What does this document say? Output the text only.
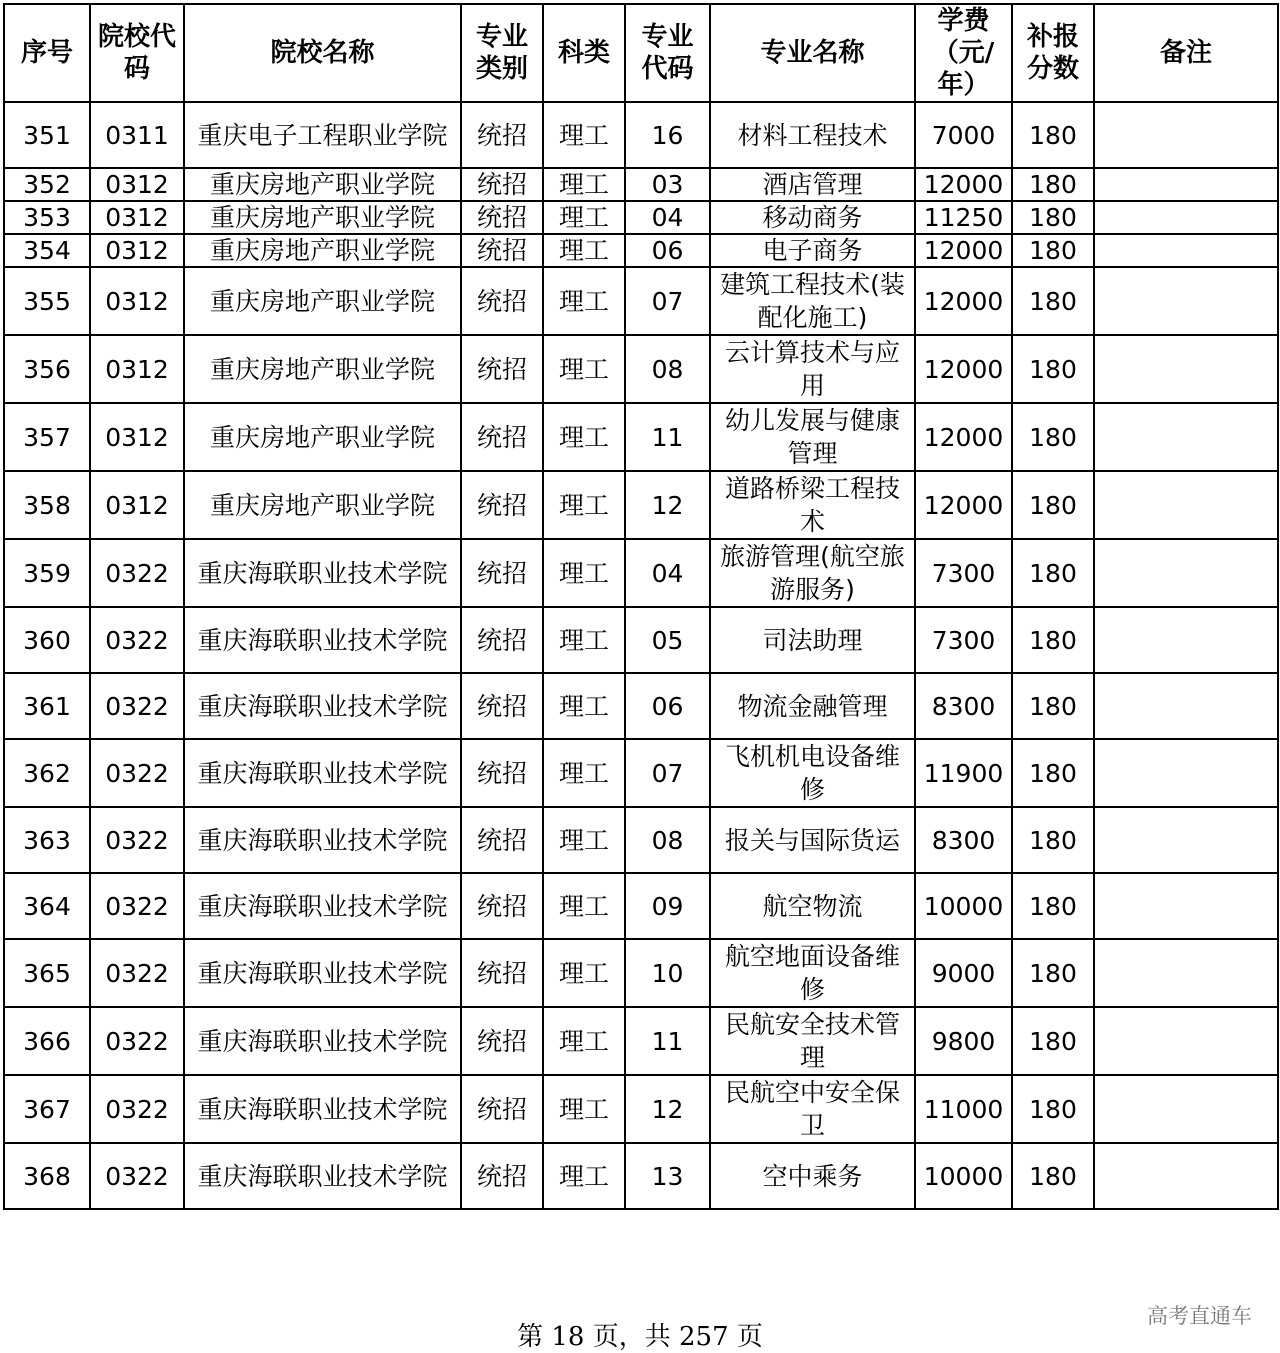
序号	院校代码	院校名称	专业类别	科类	专业代码	专业名称	学费（元/年）	补报分数	备注
351	0311	重庆电子工程职业学院	统招	理工	16	材料工程技术	7000	180	
352	0312	重庆房地产职业学院	统招	理工	03	酒店管理	12000	180	
353	0312	重庆房地产职业学院	统招	理工	04	移动商务	11250	180	
354	0312	重庆房地产职业学院	统招	理工	06	电子商务	12000	180	
355	0312	重庆房地产职业学院	统招	理工	07	建筑工程技术(装配化施工)	12000	180	
356	0312	重庆房地产职业学院	统招	理工	08	云计算技术与应用	12000	180	
357	0312	重庆房地产职业学院	统招	理工	11	幼儿发展与健康管理	12000	180	
358	0312	重庆房地产职业学院	统招	理工	12	道路桥梁工程技术	12000	180	
359	0322	重庆海联职业技术学院	统招	理工	04	旅游管理(航空旅游服务)	7300	180	
360	0322	重庆海联职业技术学院	统招	理工	05	司法助理	7300	180	
361	0322	重庆海联职业技术学院	统招	理工	06	物流金融管理	8300	180	
362	0322	重庆海联职业技术学院	统招	理工	07	飞机机电设备维修	11900	180	
363	0322	重庆海联职业技术学院	统招	理工	08	报关与国际货运	8300	180	
364	0322	重庆海联职业技术学院	统招	理工	09	航空物流	10000	180	
365	0322	重庆海联职业技术学院	统招	理工	10	航空地面设备维修	9000	180	
366	0322	重庆海联职业技术学院	统招	理工	11	民航安全技术管理	9800	180	
367	0322	重庆海联职业技术学院	统招	理工	12	民航空中安全保卫	11000	180	
368	0322	重庆海联职业技术学院	统招	理工	13	空中乘务	10000	180	
第 18 页，共 257 页
高考直通车
